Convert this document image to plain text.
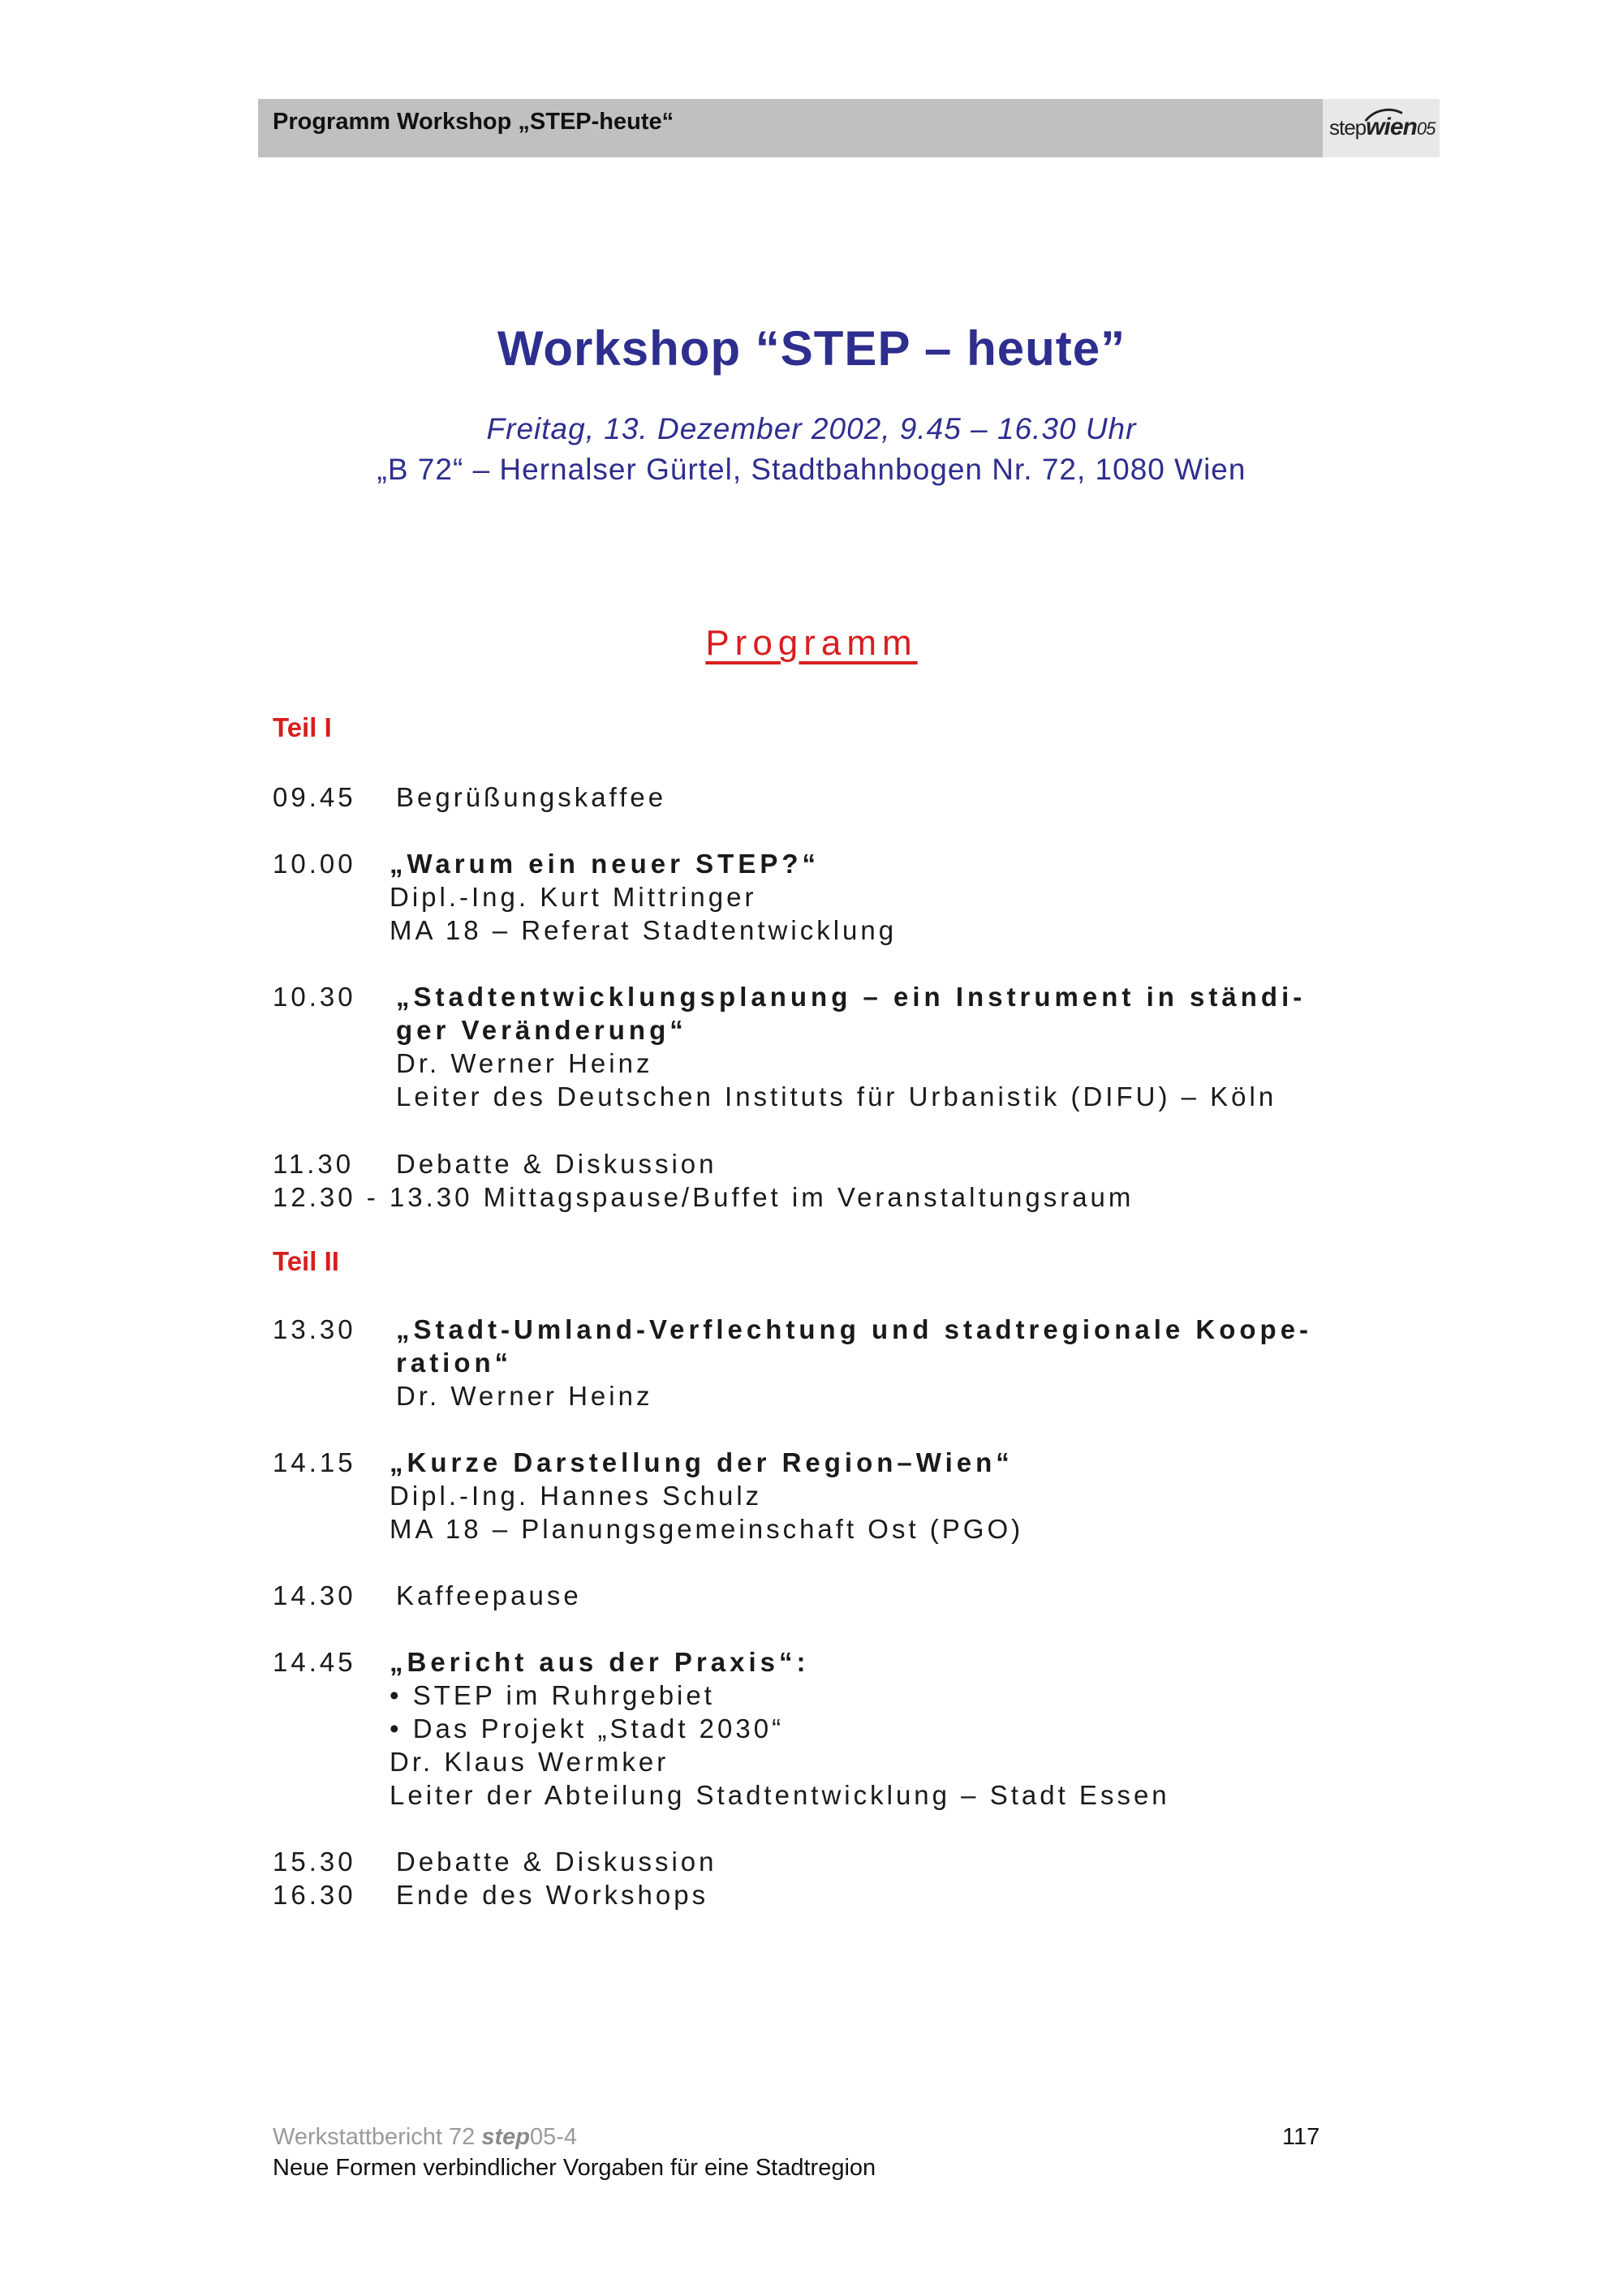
Programm Workshop „STEP-heute“	stepwien05
Workshop “STEP – heute”
Freitag, 13. Dezember 2002, 9.45 – 16.30 Uhr
„B 72“ – Hernalser Gürtel, Stadtbahnbogen Nr. 72, 1080 Wien
Programm
Teil I
09.45 Begrüßungskaffee
10.00 „Warum ein neuer STEP?“
Dipl.-Ing. Kurt Mittringer
MA 18 – Referat Stadtentwicklung
10.30 „Stadtentwicklungsplanung – ein Instrument in ständi-
ger Veränderung“
Dr. Werner Heinz
Leiter des Deutschen Instituts für Urbanistik (DIFU) – Köln
11.30 Debatte & Diskussion
12.30 - 13.30 Mittagspause/Buffet im Veranstaltungsraum
Teil II
13.30 „Stadt-Umland-Verflechtung und stadtregionale Koope-
ration“
Dr. Werner Heinz
14.15 „Kurze Darstellung der Region–Wien“
Dipl.-Ing. Hannes Schulz
MA 18 – Planungsgemeinschaft Ost (PGO)
14.30 Kaffeepause
14.45 „Bericht aus der Praxis“:
• STEP im Ruhrgebiet
• Das Projekt „Stadt 2030“
Dr. Klaus Wermker
Leiter der Abteilung Stadtentwicklung – Stadt Essen
15.30 Debatte & Diskussion
16.30 Ende des Workshops
Werkstattbericht 72 step05-4
Neue Formen verbindlicher Vorgaben für eine Stadtregion
117
